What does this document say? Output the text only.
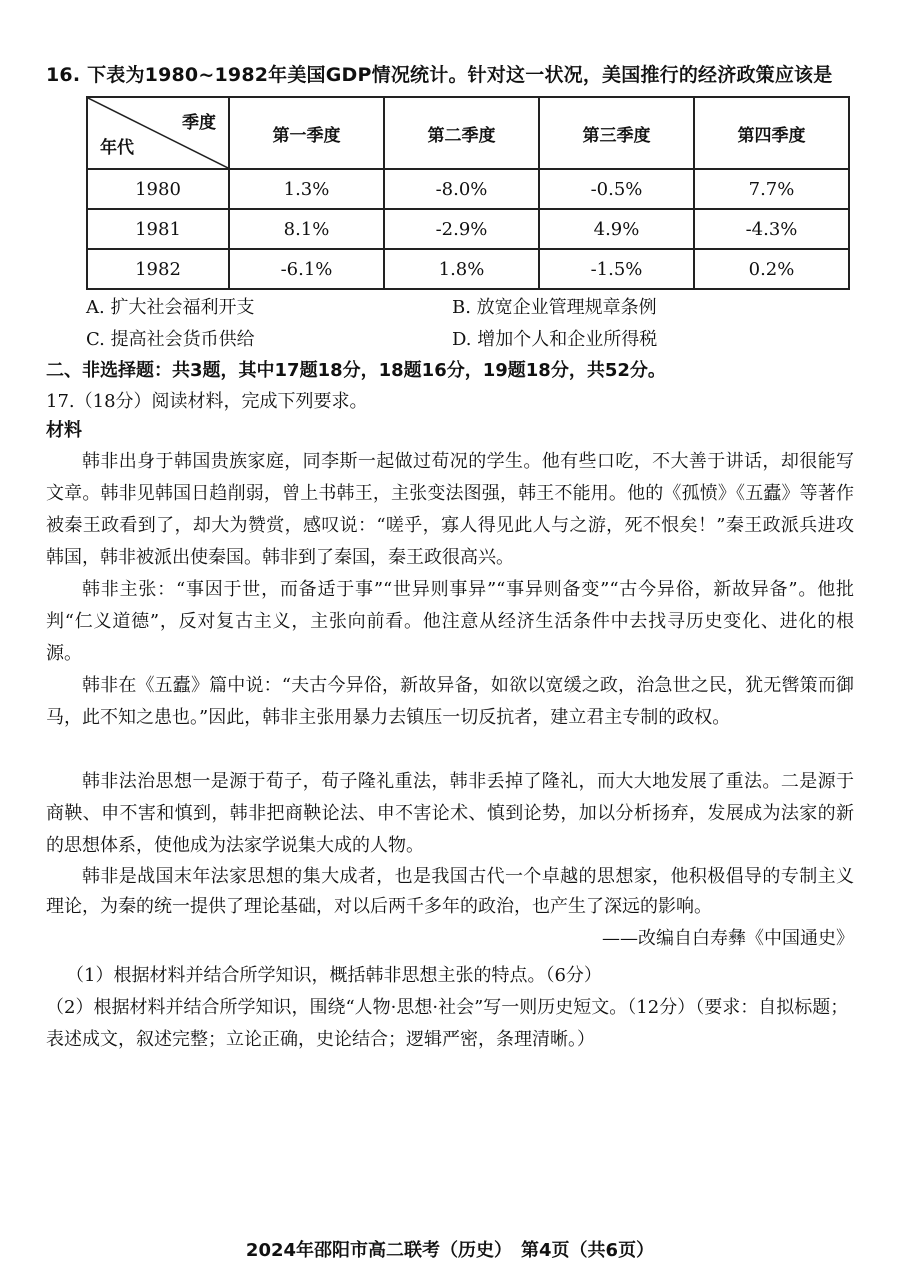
16. 下表为1980~1982年美国GDP情况统计。针对这一状况，美国推行的经济政策应该是
季度
年代	第一季度	第二季度	第三季度	第四季度
1980	1.3%	-8.0%	-0.5%	7.7%
1981	8.1%	-2.9%	4.9%	-4.3%
1982	-6.1%	1.8%	-1.5%	0.2%
A. 扩大社会福利开支	B. 放宽企业管理规章条例
C. 提高社会货币供给	D. 增加个人和企业所得税
二、非选择题：共3题，其中17题18分，18题16分，19题18分，共52分。
17.（18分）阅读材料，完成下列要求。
材料
韩非出身于韩国贵族家庭，同李斯一起做过荀况的学生。他有些口吃，不大善于讲话，却很能写文章。韩非见韩国日趋削弱，曾上书韩王，主张变法图强，韩王不能用。他的《孤愤》《五蠹》等著作被秦王政看到了，却大为赞赏，感叹说：“嗟乎，寡人得见此人与之游，死不恨矣！”秦王政派兵进攻韩国，韩非被派出使秦国。韩非到了秦国，秦王政很高兴。
韩非主张：“事因于世，而备适于事”“世异则事异”“事异则备变”“古今异俗，新故异备”。他批判“仁义道德”，反对复古主义，主张向前看。他注意从经济生活条件中去找寻历史变化、进化的根源。
韩非在《五蠹》篇中说：“夫古今异俗，新故异备，如欲以宽缓之政，治急世之民，犹无辔策而御马，此不知之患也。”因此，韩非主张用暴力去镇压一切反抗者，建立君主专制的政权。
韩非法治思想一是源于荀子，荀子隆礼重法，韩非丢掉了隆礼，而大大地发展了重法。二是源于商鞅、申不害和慎到，韩非把商鞅论法、申不害论术、慎到论势，加以分析扬弃，发展成为法家的新的思想体系，使他成为法家学说集大成的人物。
韩非是战国末年法家思想的集大成者，也是我国古代一个卓越的思想家，他积极倡导的专制主义理论，为秦的统一提供了理论基础，对以后两千多年的政治，也产生了深远的影响。
——改编自白寿彝《中国通史》
（1）根据材料并结合所学知识，概括韩非思想主张的特点。（6分）
（2）根据材料并结合所学知识，围绕“人物·思想·社会”写一则历史短文。（12分）（要求：自拟标题；表述成文，叙述完整；立论正确，史论结合；逻辑严密，条理清晰。）
2024年邵阳市高二联考（历史）　第4页（共6页）
